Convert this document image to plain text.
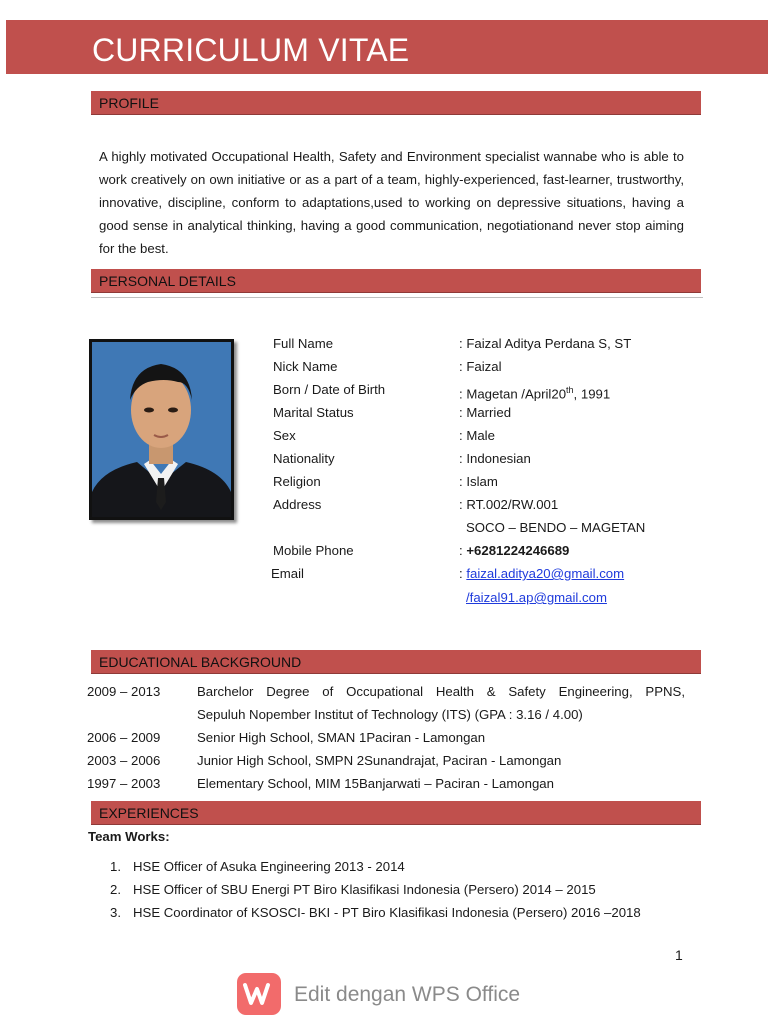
CURRICULUM VITAE
PROFILE

A highly motivated Occupational Health, Safety and Environment specialist wannabe who is able to work creatively on own initiative or as a part of a team, highly-experienced, fast-learner, trustworthy, innovative, discipline, conform to adaptations,used to working on depressive situations, having a good sense in analytical thinking, having a good communication, negotiationand never stop aiming for the best.

PERSONAL DETAILS
Full Name	: Faizal Aditya Perdana S, ST
Nick Name	: Faizal
Born / Date of Birth	: Magetan /April20th, 1991
Marital Status	: Married
Sex	: Male
Nationality	: Indonesian
Religion	: Islam
Address	: RT.002/RW.001
SOCO – BENDO – MAGETAN
Mobile Phone	: +6281224246689
Email	: faizal.aditya20@gmail.com
/faizal91.ap@gmail.com
EDUCATIONAL BACKGROUND
2009 – 2013	Barchelor Degree of Occupational Health & Safety Engineering, PPNS,
Sepuluh Nopember Institut of Technology (ITS) (GPA : 3.16 / 4.00)
2006 – 2009	Senior High School, SMAN 1Paciran - Lamongan
2003 – 2006	Junior High School, SMPN 2Sunandrajat, Paciran - Lamongan
1997 – 2003	Elementary School, MIM 15Banjarwati – Paciran - Lamongan
EXPERIENCES
Team Works:
1. HSE Officer of Asuka Engineering 2013 - 2014
2. HSE Officer of SBU Energi PT Biro Klasifikasi Indonesia (Persero) 2014 – 2015
3. HSE Coordinator of KSOSCI- BKI - PT Biro Klasifikasi Indonesia (Persero) 2016 –2018
1
Edit dengan WPS Office
